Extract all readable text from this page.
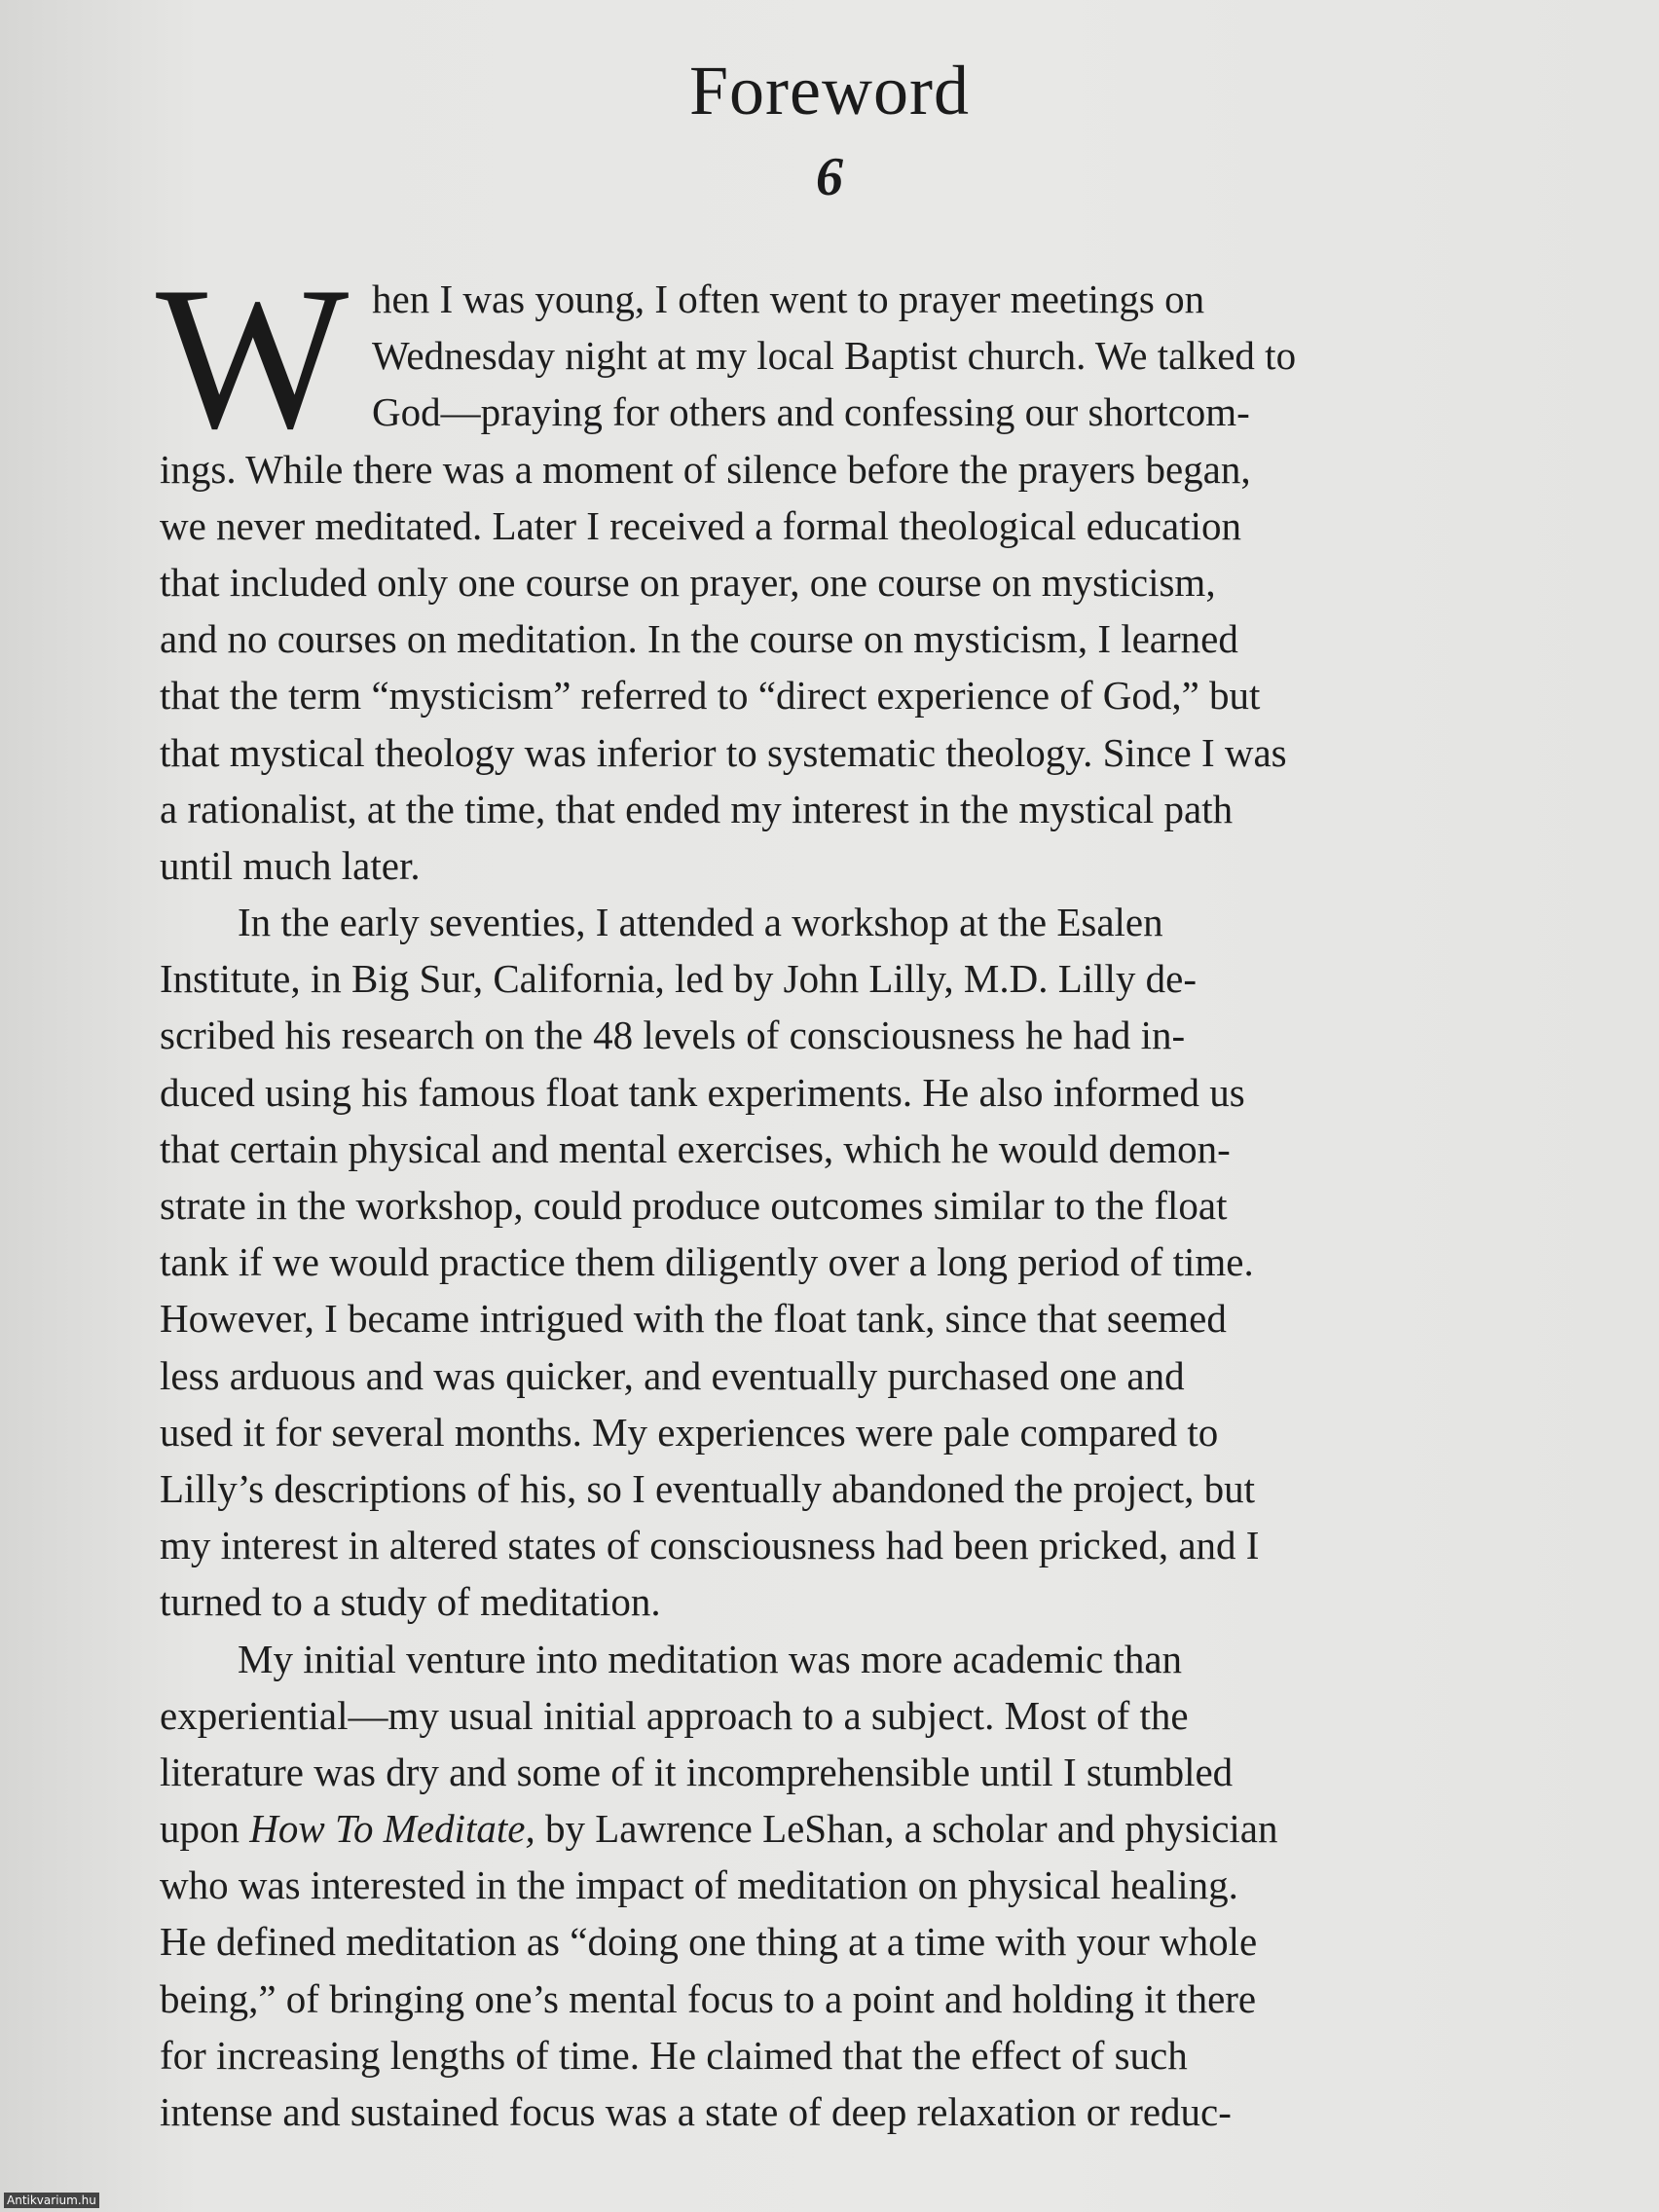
Foreword
6
W hen I was young, I often went to prayer meetings on
Wednesday night at my local Baptist church. We talked to
God—praying for others and confessing our shortcom-
ings. While there was a moment of silence before the prayers began,
we never meditated. Later I received a formal theological education
that included only one course on prayer, one course on mysticism,
and no courses on meditation. In the course on mysticism, I learned
that the term “mysticism” referred to “direct experience of God,” but
that mystical theology was inferior to systematic theology. Since I was
a rationalist, at the time, that ended my interest in the mystical path
until much later.
In the early seventies, I attended a workshop at the Esalen
Institute, in Big Sur, California, led by John Lilly, M.D. Lilly de-
scribed his research on the 48 levels of consciousness he had in-
duced using his famous float tank experiments. He also informed us
that certain physical and mental exercises, which he would demon-
strate in the workshop, could produce outcomes similar to the float
tank if we would practice them diligently over a long period of time.
However, I became intrigued with the float tank, since that seemed
less arduous and was quicker, and eventually purchased one and
used it for several months. My experiences were pale compared to
Lilly’s descriptions of his, so I eventually abandoned the project, but
my interest in altered states of consciousness had been pricked, and I
turned to a study of meditation.
My initial venture into meditation was more academic than
experiential—my usual initial approach to a subject. Most of the
literature was dry and some of it incomprehensible until I stumbled
upon How To Meditate, by Lawrence LeShan, a scholar and physician
who was interested in the impact of meditation on physical healing.
He defined meditation as “doing one thing at a time with your whole
being,” of bringing one’s mental focus to a point and holding it there
for increasing lengths of time. He claimed that the effect of such
intense and sustained focus was a state of deep relaxation or reduc-
Antikvarium.hu
